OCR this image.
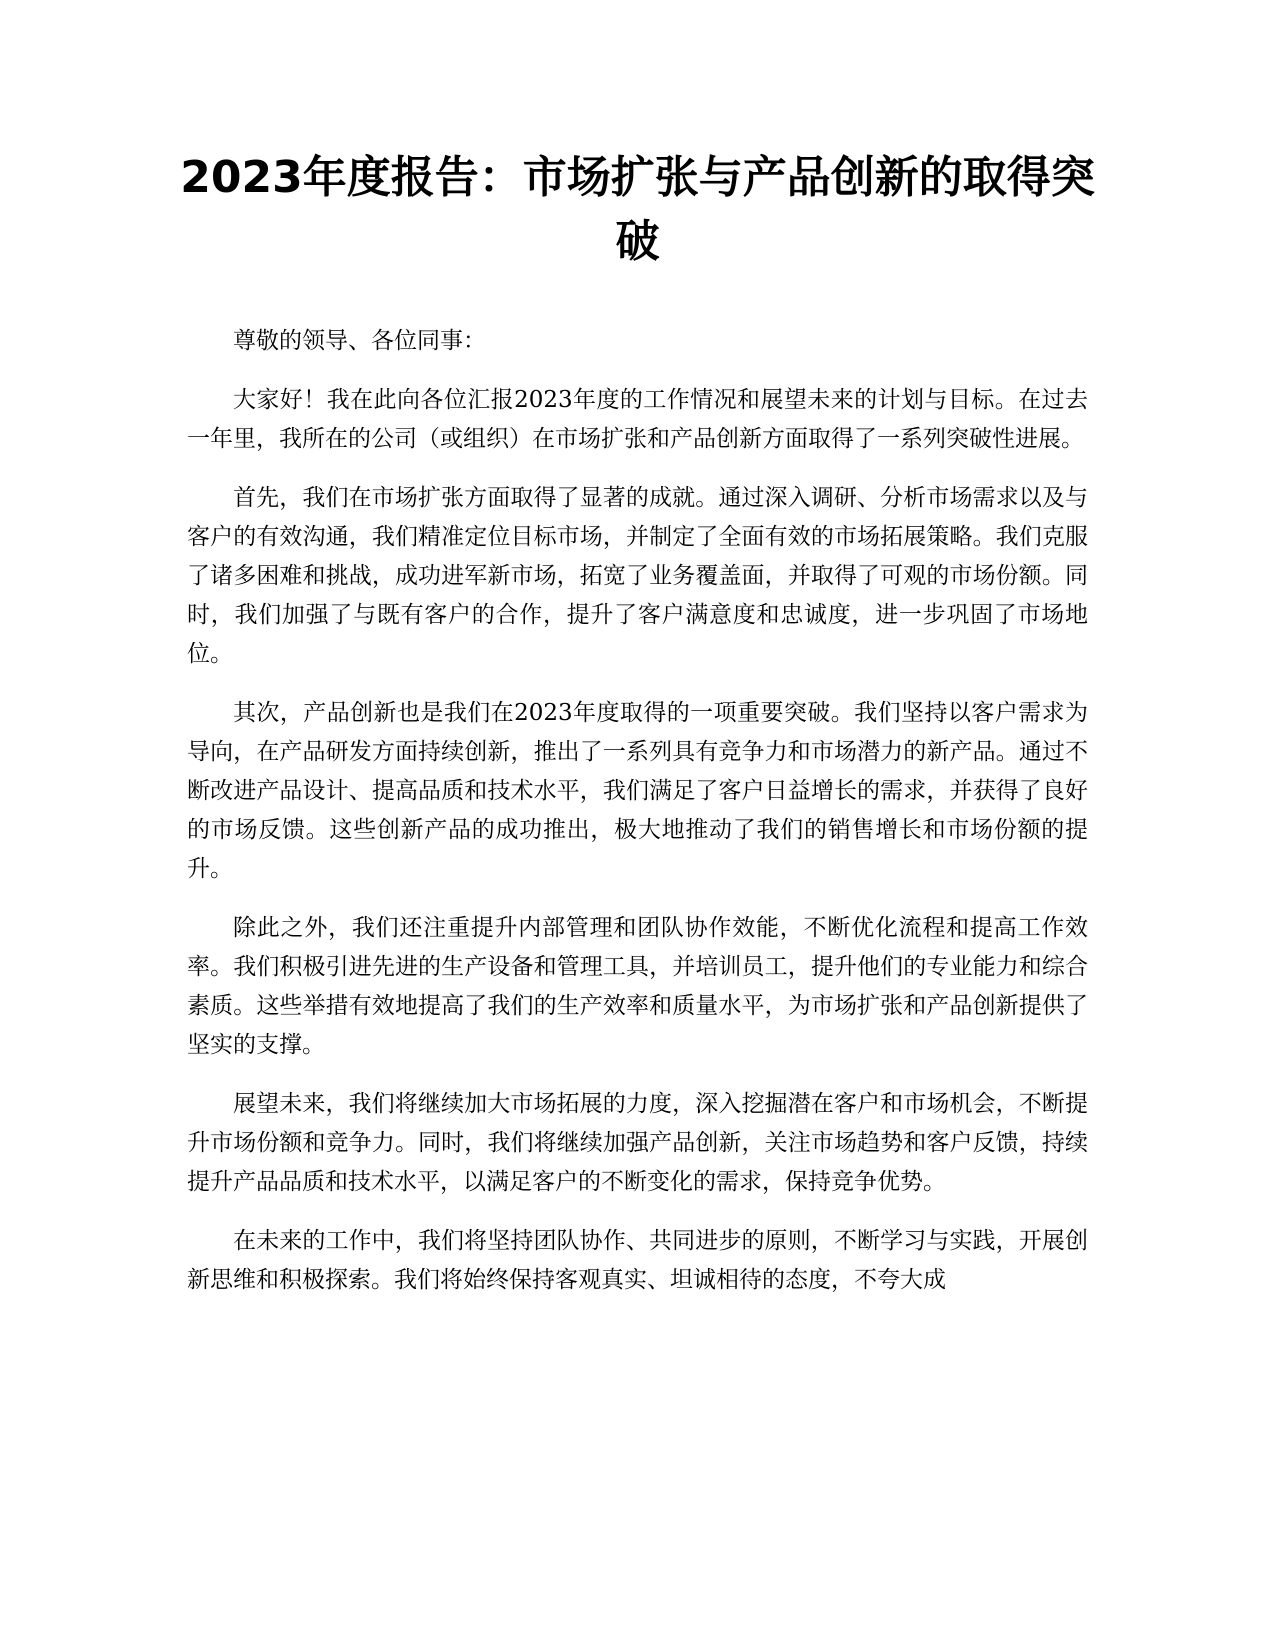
2023年度报告：市场扩张与产品创新的取得突破

尊敬的领导、各位同事：

大家好！我在此向各位汇报2023年度的工作情况和展望未来的计划与目标。在过去一年里，我所在的公司（或组织）在市场扩张和产品创新方面取得了一系列突破性进展。

首先，我们在市场扩张方面取得了显著的成就。通过深入调研、分析市场需求以及与客户的有效沟通，我们精准定位目标市场，并制定了全面有效的市场拓展策略。我们克服了诸多困难和挑战，成功进军新市场，拓宽了业务覆盖面，并取得了可观的市场份额。同时，我们加强了与既有客户的合作，提升了客户满意度和忠诚度，进一步巩固了市场地位。

其次，产品创新也是我们在2023年度取得的一项重要突破。我们坚持以客户需求为导向，在产品研发方面持续创新，推出了一系列具有竞争力和市场潜力的新产品。通过不断改进产品设计、提高品质和技术水平，我们满足了客户日益增长的需求，并获得了良好的市场反馈。这些创新产品的成功推出，极大地推动了我们的销售增长和市场份额的提升。

除此之外，我们还注重提升内部管理和团队协作效能，不断优化流程和提高工作效率。我们积极引进先进的生产设备和管理工具，并培训员工，提升他们的专业能力和综合素质。这些举措有效地提高了我们的生产效率和质量水平，为市场扩张和产品创新提供了坚实的支撑。

展望未来，我们将继续加大市场拓展的力度，深入挖掘潜在客户和市场机会，不断提升市场份额和竞争力。同时，我们将继续加强产品创新，关注市场趋势和客户反馈，持续提升产品品质和技术水平，以满足客户的不断变化的需求，保持竞争优势。

在未来的工作中，我们将坚持团队协作、共同进步的原则，不断学习与实践，开展创新思维和积极探索。我们将始终保持客观真实、坦诚相待的态度，不夸大成
